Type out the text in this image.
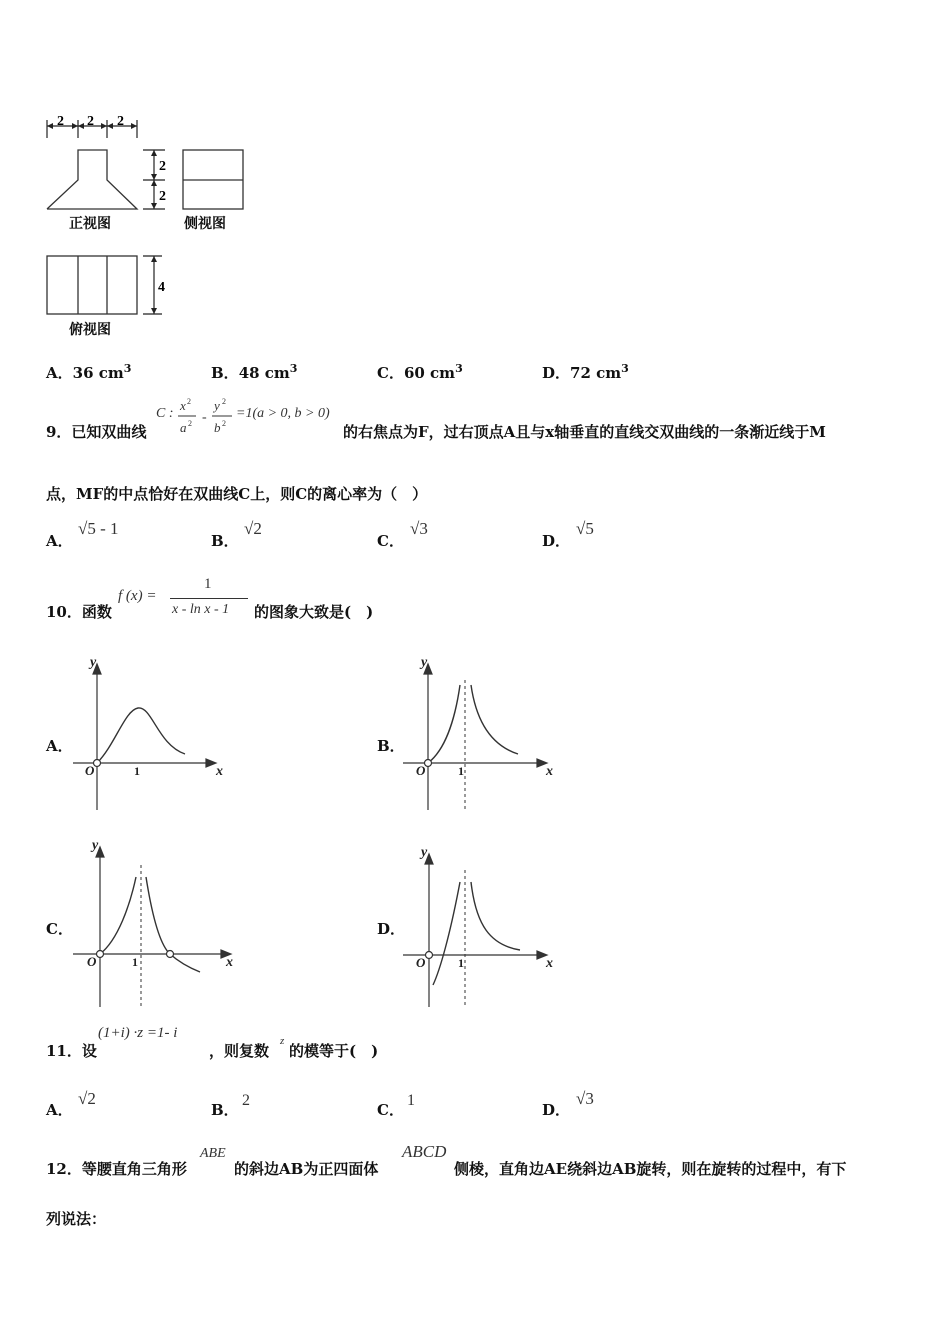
2 2 2
2
2
4
正视图	侧视图
俯视图
A．36 $cm^3$	B．48 $cm^3$	C．60 $cm^3$	D．72 $cm^3$
9．已知双曲线
C :
x 2
a 2 -
y 2
b 2
=1(a > 0, b > 0)
的右焦点为F，过右顶点A且与x轴垂直的直线交双曲线的一条渐近线于M
点，MF的中点恰好在双曲线C上，则C的离心率为（　）
A．
√5 - 1
B．
√2
C．
√3
D．
√5
10．函数
f (x) =
1
x - ln x - 1 的图象大致是(　)
A．	B．
C．	D．
y
x
O	1
y
x
O	1
y
x
O	1
y
x
O	1
11．设
(1+i) ·z =1- i
，则复数
z
的模等于(　)
A．
√2
B．
2
C．
1
D．
√3
12．等腰直角三角形
ABE
的斜边AB为正四面体
ABCD
侧棱，直角边AE绕斜边AB旋转，则在旋转的过程中，有下
列说法：
